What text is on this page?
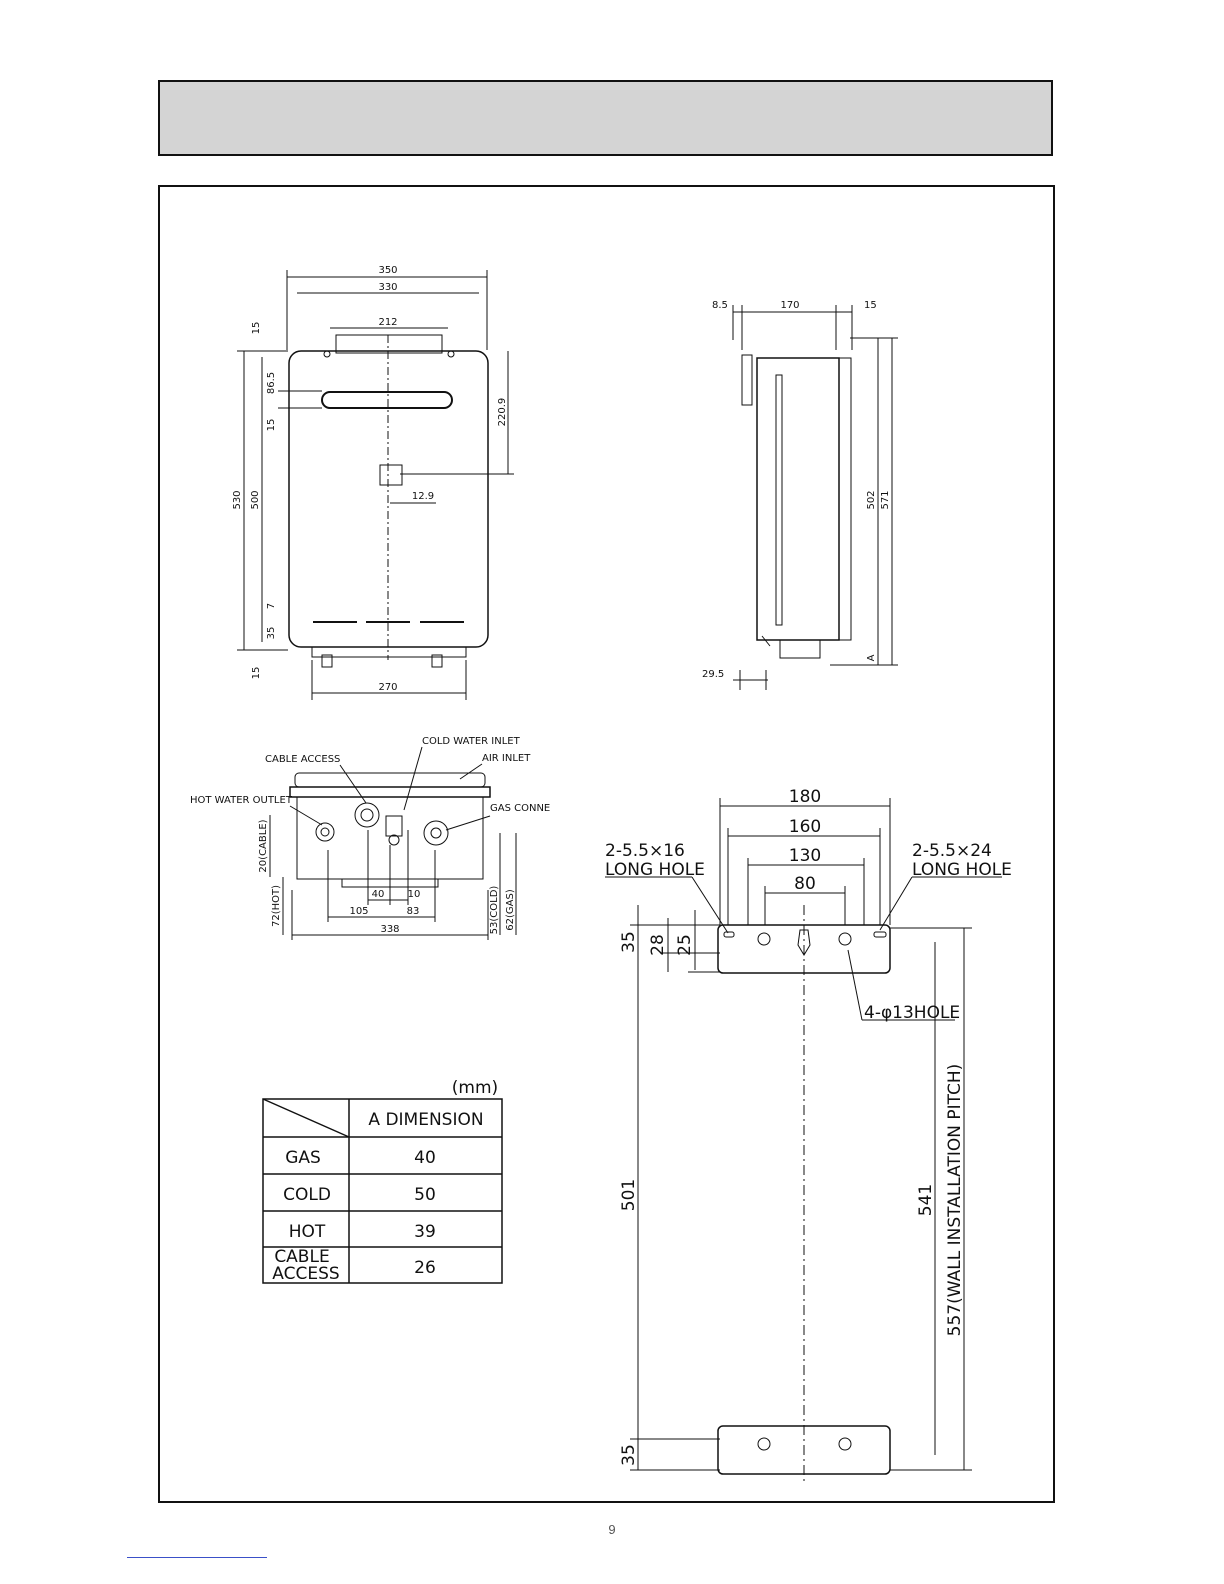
350
330
212
530 500
15
86.5
15	220.9
12.9
7
35
15
270
8.5	170	15
502 571
A
29.5
CABLE ACCESS
COLD WATER INLET
AIR INLET
HOT WATER OUTLET
GAS CONNE
20(CABLE)
72(HOT)	53(COLD) 62(GAS)
40 10
105	83
338
180
160
130
80
2-5.5×16
LONG HOLE
2-5.5×24
LONG HOLE
35 28 25
4-φ13HOLE
501	541 557(WALL INSTALLATION PITCH)
35
(mm)
A DIMENSION
GAS	40
COLD	50
HOT	39
CABLE
ACCESS	26
9
